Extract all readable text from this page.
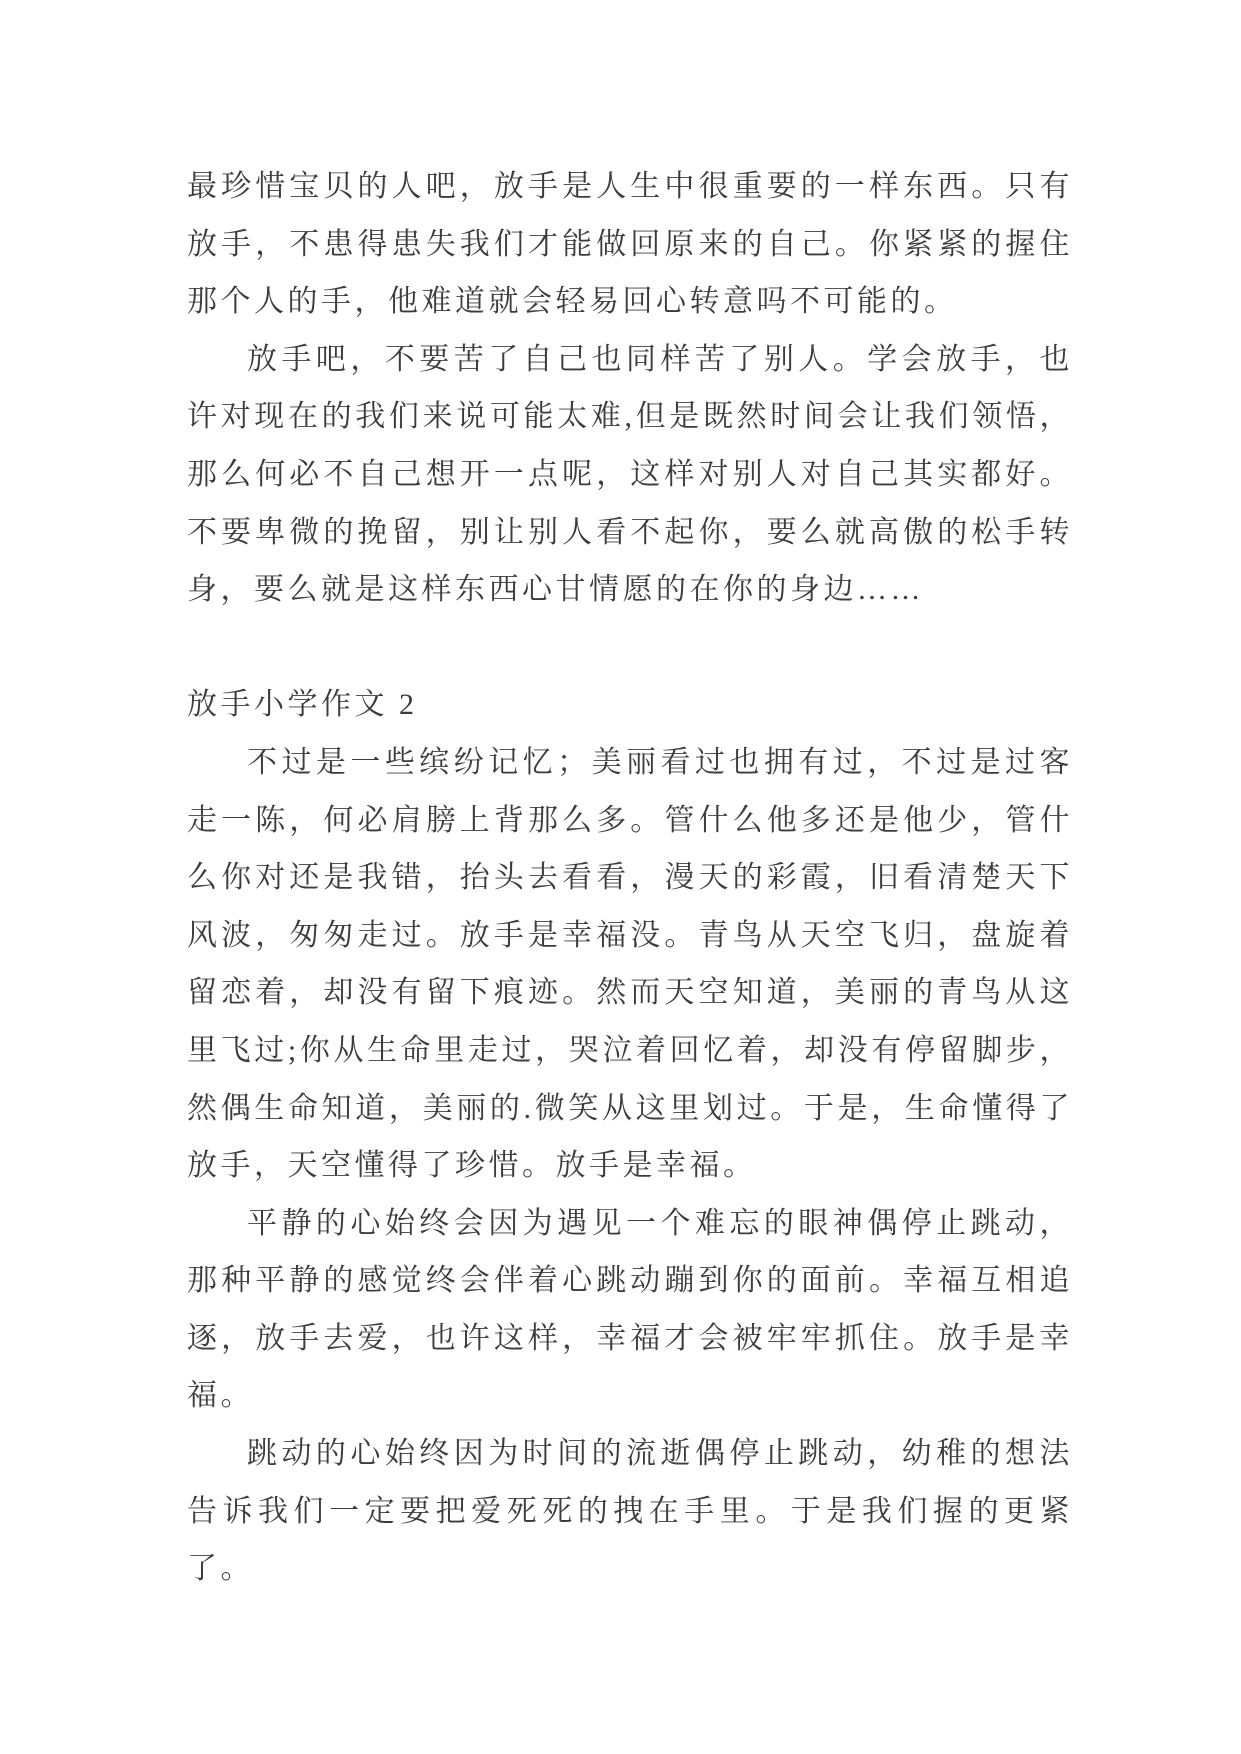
最珍惜宝贝的人吧，放手是人生中很重要的一样东西。只有放手，不患得患失我们才能做回原来的自己。你紧紧的握住那个人的手，他难道就会轻易回心转意吗不可能的。

放手吧，不要苦了自己也同样苦了别人。学会放手，也许对现在的我们来说可能太难,但是既然时间会让我们领悟，那么何必不自己想开一点呢，这样对别人对自己其实都好。不要卑微的挽留，别让别人看不起你，要么就高傲的松手转身，要么就是这样东西心甘情愿的在你的身边……

放手小学作文 2

不过是一些缤纷记忆；美丽看过也拥有过，不过是过客走一陈，何必肩膀上背那么多。管什么他多还是他少，管什么你对还是我错，抬头去看看，漫天的彩霞，旧看清楚天下风波，匆匆走过。放手是幸福没。青鸟从天空飞归，盘旋着留恋着，却没有留下痕迹。然而天空知道，美丽的青鸟从这里飞过;你从生命里走过，哭泣着回忆着，却没有停留脚步，然偶生命知道，美丽的.微笑从这里划过。于是，生命懂得了放手，天空懂得了珍惜。放手是幸福。

平静的心始终会因为遇见一个难忘的眼神偶停止跳动，那种平静的感觉终会伴着心跳动蹦到你的面前。幸福互相追逐，放手去爱，也许这样，幸福才会被牢牢抓住。放手是幸福。

跳动的心始终因为时间的流逝偶停止跳动，幼稚的想法告诉我们一定要把爱死死的拽在手里。于是我们握的更紧了。
